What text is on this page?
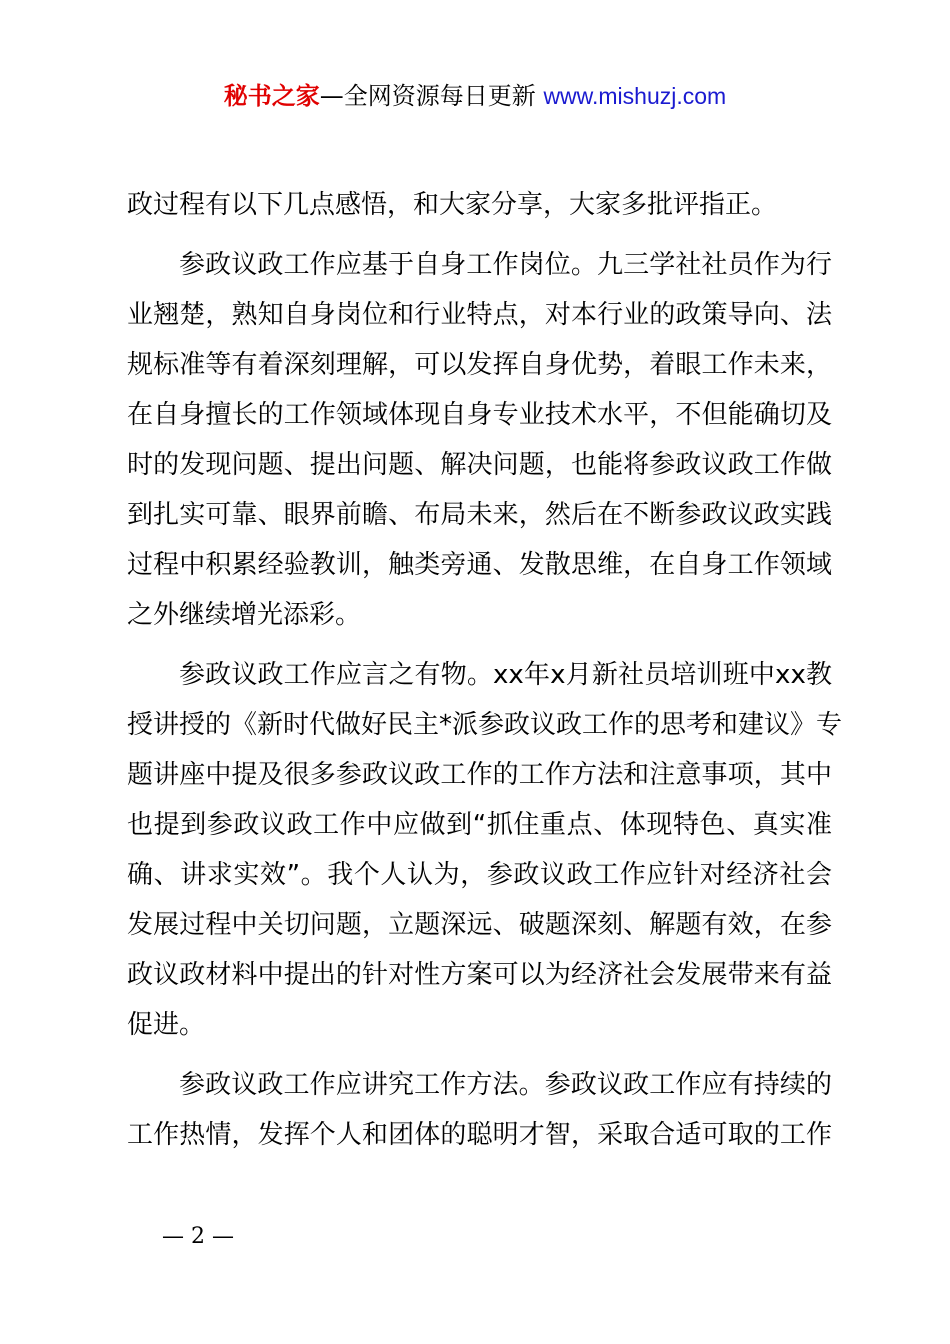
秘书之家—全网资源每日更新 www.mishuzj.com
政过程有以下几点感悟，和大家分享，大家多批评指正。
参政议政工作应基于自身工作岗位。九三学社社员作为行
业翘楚，熟知自身岗位和行业特点，对本行业的政策导向、法
规标准等有着深刻理解，可以发挥自身优势，着眼工作未来，
在自身擅长的工作领域体现自身专业技术水平，不但能确切及
时的发现问题、提出问题、解决问题，也能将参政议政工作做
到扎实可靠、眼界前瞻、布局未来，然后在不断参政议政实践
过程中积累经验教训，触类旁通、发散思维，在自身工作领域
之外继续增光添彩。
参政议政工作应言之有物。xx年x月新社员培训班中xx教
授讲授的《新时代做好民主*派参政议政工作的思考和建议》专
题讲座中提及很多参政议政工作的工作方法和注意事项，其中
也提到参政议政工作中应做到“抓住重点、体现特色、真实准
确、讲求实效”。我个人认为，参政议政工作应针对经济社会
发展过程中关切问题，立题深远、破题深刻、解题有效，在参
政议政材料中提出的针对性方案可以为经济社会发展带来有益
促进。
参政议政工作应讲究工作方法。参政议政工作应有持续的
工作热情，发挥个人和团体的聪明才智，采取合适可取的工作
— 2 —
